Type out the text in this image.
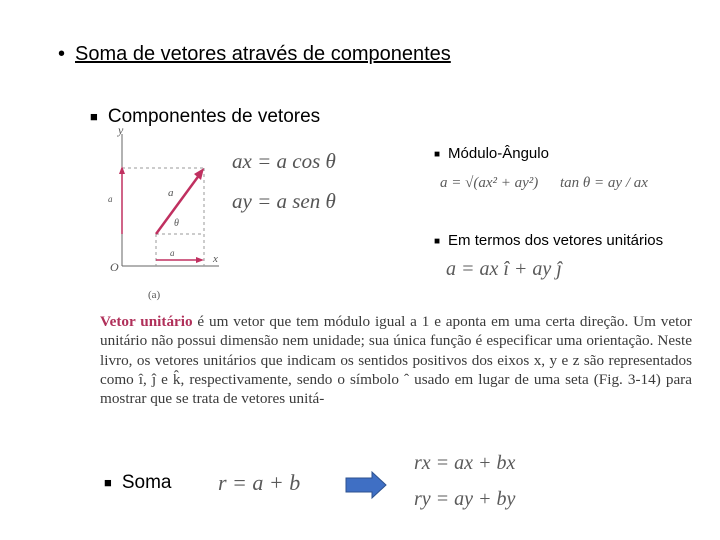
• Soma de vetores através de componentes
■ Componentes de vetores
y
x
O
a
a
a
θ
(a)
ax = a cos θ
ay = a sen θ
■ Módulo-Ângulo
a = √(ax² + ay²) tan θ = ay / ax
■ Em termos dos vetores unitários
a = ax î + ay ĵ
Vetor unitário é um vetor que tem módulo igual a 1 e aponta em uma certa direção. Um vetor unitário não possui dimensão nem unidade; sua única função é especificar uma orientação. Neste livro, os vetores unitários que indicam os sentidos positivos dos eixos x, y e z são representados como î, ĵ e k̂, respectivamente, sendo o símbolo ˆ usado em lugar de uma seta (Fig. 3-14) para mostrar que se trata de vetores unitá-
■ Soma r = a + b
rx = ax + bx
ry = ay + by
